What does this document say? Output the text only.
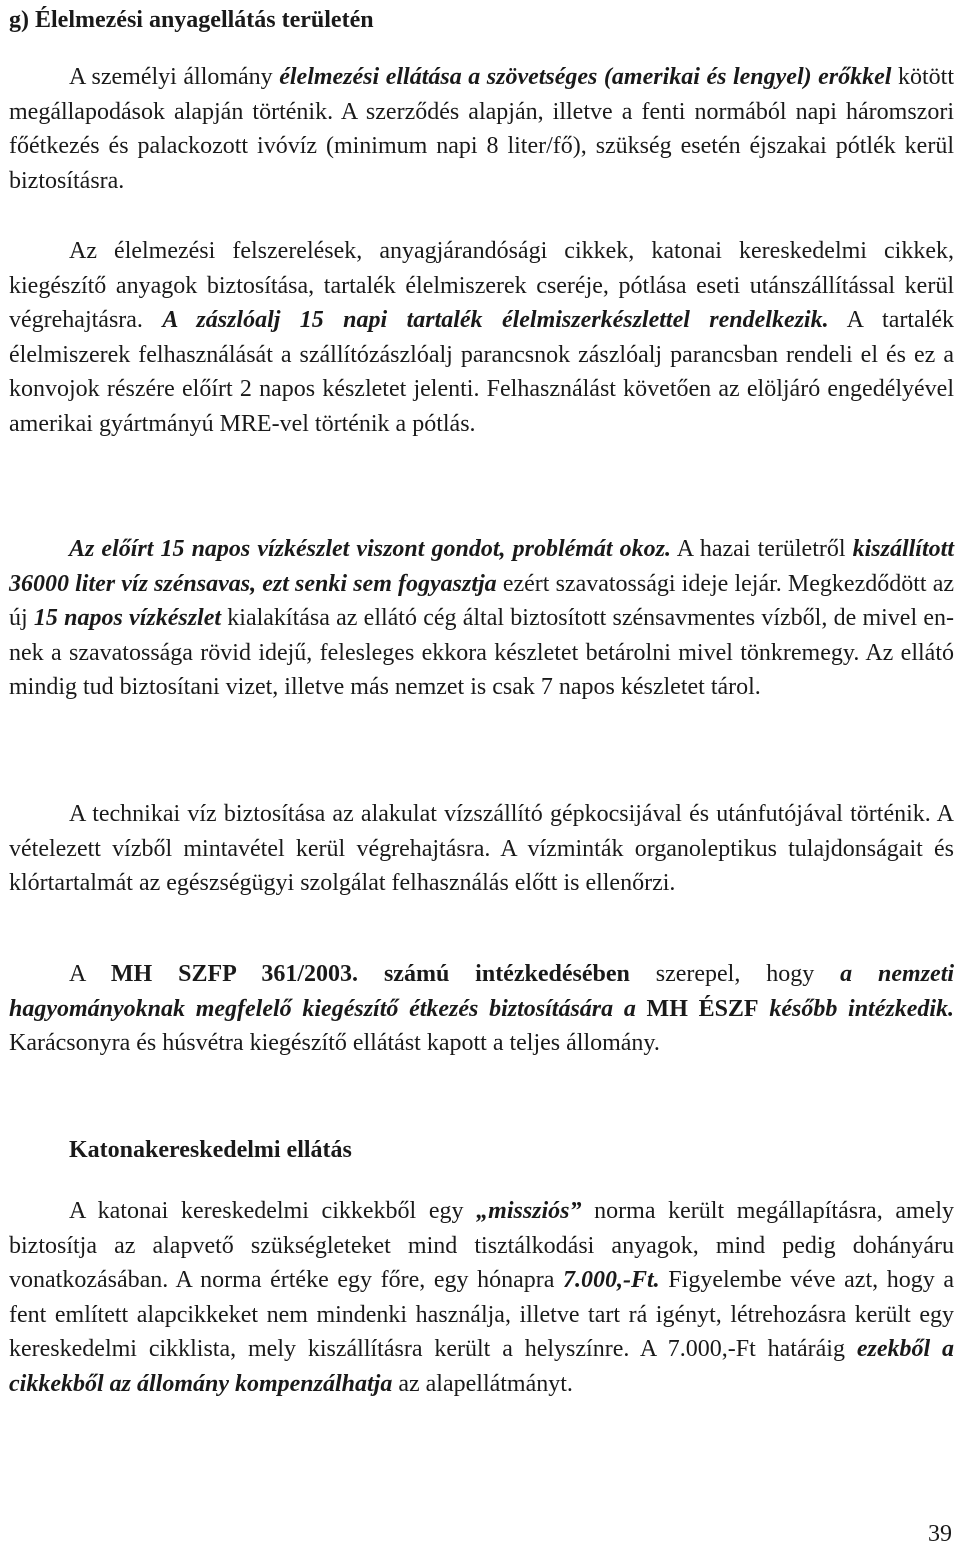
g) Élelmezési anyagellátás területén

A személyi állomány élelmezési ellátása a szövetséges (amerikai és lengyel) erőkkel kötött megállapodások alapján történik. A szerződés alapján, illetve a fenti normából napi háromszori főétkezés és palackozott ivóvíz (minimum napi 8 liter/fő), szükség esetén éjszakai pótlék kerül biztosításra.

Az élelmezési felszerelések, anyagjárandósági cikkek, katonai kereskedelmi cikkek, kiegészítő anyagok biztosítása, tartalék élelmiszerek cseréje, pótlása eseti utánszállítással kerül végrehajtásra. A zászlóalj 15 napi tartalék élelmiszerkészlettel rendelkezik. A tartalék élelmiszerek felhasználását a szállítózászlóalj parancsnok zászlóalj parancsban rendeli el és ez a konvojok részére előírt 2 napos készletet jelenti. Felhasználást követően az elöljáró engedélyével amerikai gyártmányú MRE-vel történik a pótlás.

Az előírt 15 napos vízkészlet viszont gondot, problémát okoz. A hazai területről kiszállított 36000 liter víz szénsavas, ezt senki sem fogyasztja ezért szavatossági ideje lejár. Megkezdődött az új 15 napos vízkészlet kialakítása az ellátó cég által biztosított szénsavmentes vízből, de mivel ennek a szavatossága rövid idejű, felesleges ekkora készletet betárolni mivel tönkremegy. Az ellátó mindig tud biztosítani vizet, illetve más nemzet is csak 7 napos készletet tárol.

A technikai víz biztosítása az alakulat vízszállító gépkocsijával és utánfutójával történik. A vételezett vízből mintavétel kerül végrehajtásra. A vízminták organoleptikus tulajdonságait és klórtartalmát az egészségügyi szolgálat felhasználás előtt is ellenőrzi.

A MH SZFP 361/2003. számú intézkedésében szerepel, hogy a nemzeti hagyományoknak megfelelő kiegészítő étkezés biztosítására a MH ÉSZF később intézkedik. Karácsonyra és húsvétra kiegészítő ellátást kapott a teljes állomány.

Katonakereskedelmi ellátás

A katonai kereskedelmi cikkekből egy „missziós” norma került megállapításra, amely biztosítja az alapvető szükségleteket mind tisztálkodási anyagok, mind pedig dohányáru vonatkozásában. A norma értéke egy főre, egy hónapra 7.000,-Ft. Figyelembe véve azt, hogy a fent említett alapcikkeket nem mindenki használja, illetve tart rá igényt, létrehozásra került egy kereskedelmi cikklista, mely kiszállításra került a helyszínre. A 7.000,-Ft határáig ezekből a cikkekből az állomány kompenzálhatja az alapellátmányt.

39
